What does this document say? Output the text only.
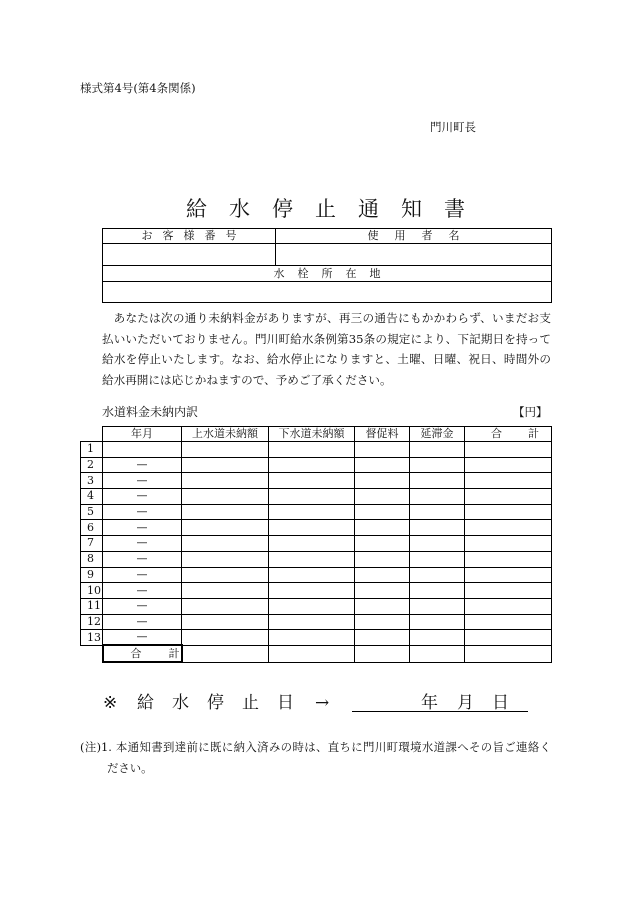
様式第4号(第4条関係)
門川町長
給水停止通知書
お客様番号	使用者名

水栓所在地	

あなたは次の通り未納料金がありますが、再三の通告にもかかわらず、いまだお支
払いいただいておりません。門川町給水条例第35条の規定により、下記期日を持って
給水を停止いたします。なお、給水停止になりますと、土曜、日曜、祝日、時間外の
給水再開には応じかねますので、予めご了承ください。
水道料金未納内訳	【円】
	年月	上水道未納額	下水道未納額	督促料	延滞金	合計
1						
2	—					
3	—					
4	—					
5	—					
6	—					
7	—					
8	—					
9	—					
10	—					
11	—					
12	—					
13	—					
	合計					
※ 給水停止日 →	年 月 日
(注)1. 本通知書到達前に既に納入済みの時は、直ちに門川町環境水道課へその旨ご連絡く
ださい。
